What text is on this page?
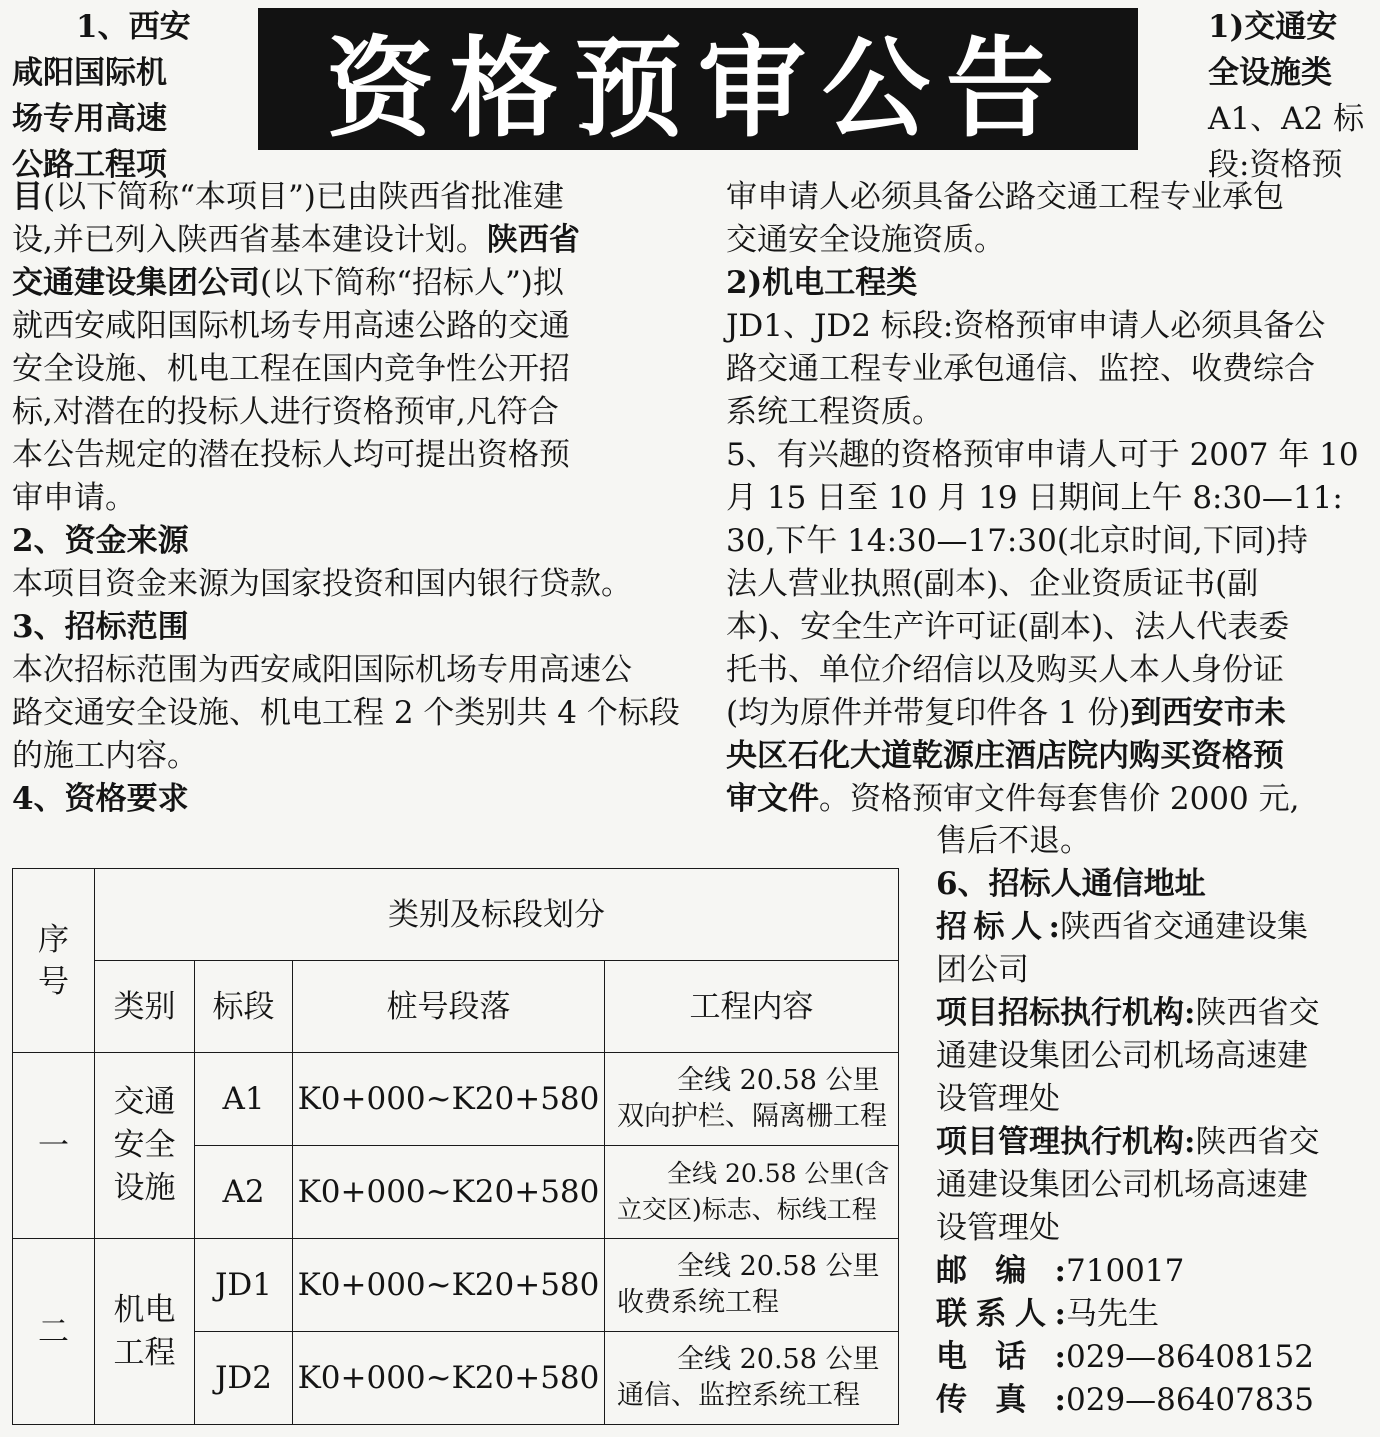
资格预审公告
1、西安
咸阳国际机
场专用高速
公路工程项
目(以下简称“本项目”)已由陕西省批准建
设,并已列入陕西省基本建设计划。陕西省
交通建设集团公司(以下简称“招标人”)拟
就西安咸阳国际机场专用高速公路的交通
安全设施、机电工程在国内竞争性公开招
标,对潜在的投标人进行资格预审,凡符合
本公告规定的潜在投标人均可提出资格预
审申请。
2、资金来源
本项目资金来源为国家投资和国内银行贷款。
3、招标范围
本次招标范围为西安咸阳国际机场专用高速公
路交通安全设施、机电工程 2 个类别共 4 个标段
的施工内容。
4、资格要求
1)交通安
全设施类
A1、A2 标
段:资格预
审申请人必须具备公路交通工程专业承包
交通安全设施资质。
2)机电工程类
JD1、JD2 标段:资格预审申请人必须具备公
路交通工程专业承包通信、监控、收费综合
系统工程资质。
5、有兴趣的资格预审申请人可于 2007 年 10
月 15 日至 10 月 19 日期间上午 8:30—11:
30,下午 14:30—17:30(北京时间,下同)持
法人营业执照(副本)、企业资质证书(副
本)、安全生产许可证(副本)、法人代表委
托书、单位介绍信以及购买人本人身份证
(均为原件并带复印件各 1 份)到西安市未
央区石化大道乾源庄酒店院内购买资格预
审文件。资格预审文件每套售价 2000 元,
售后不退。
6、招标人通信地址
招标人:陕西省交通建设集
团公司
项目招标执行机构:陕西省交
通建设集团公司机场高速建
设管理处
项目管理执行机构:陕西省交
通建设集团公司机场高速建
设管理处
邮编:710017
联系人:马先生
电话:029—86408152
传真:029—86407835
序号	类别及标段划分			
	类别	标段	桩号段落	工程内容
一	交通安全设施	A1	K0+000~K20+580	全线 20.58 公里
双向护栏、隔离栅工程

		A2	K0+000~K20+580	全线 20.58 公里(含
立交区)标志、标线工程

二	机电工程	JD1	K0+000~K20+580	全线 20.58 公里
收费系统工程

		JD2	K0+000~K20+580	全线 20.58 公里
通信、监控系统工程
